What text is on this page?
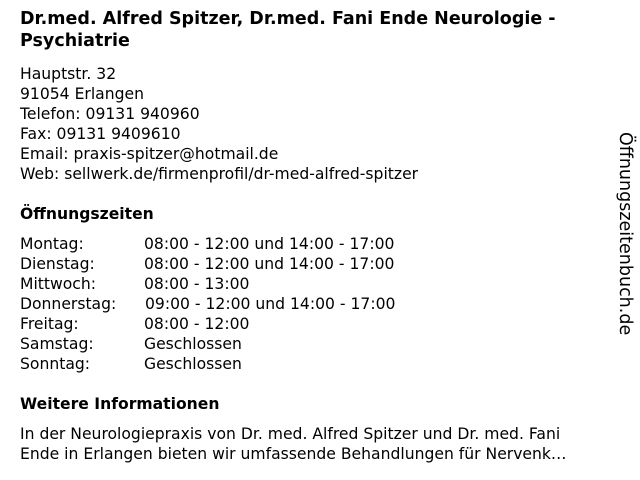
Dr.med. Alfred Spitzer, Dr.med. Fani Ende Neurologie - Psychiatrie
Hauptstr. 32
91054 Erlangen
Telefon: 09131 940960
Fax: 09131 9409610
Email: praxis-spitzer@hotmail.de
Web: sellwerk.de/firmenprofil/dr-med-alfred-spitzer
Öffnungszeiten
Montag:	08:00 - 12:00 und 14:00 - 17:00
Dienstag:	08:00 - 12:00 und 14:00 - 17:00
Mittwoch:	08:00 - 13:00
Donnerstag: 09:00 - 12:00 und 14:00 - 17:00
Freitag:	08:00 - 12:00
Samstag:	Geschlossen
Sonntag:	Geschlossen
Weitere Informationen
In der Neurologiepraxis von Dr. med. Alfred Spitzer und Dr. med. Fani
Ende in Erlangen bieten wir umfassende Behandlungen für Nervenk…
Öffnungszeitenbuch.de
